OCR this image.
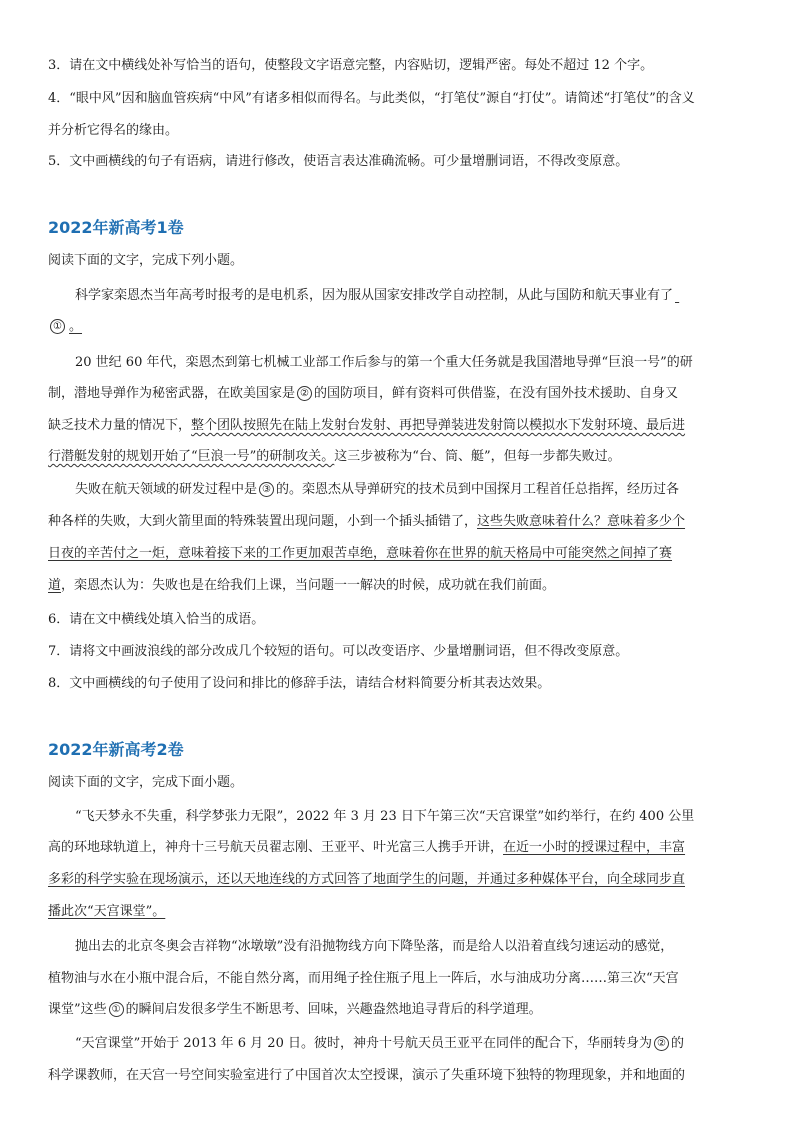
3．请在文中横线处补写恰当的语句，使整段文字语意完整，内容贴切，逻辑严密。每处不超过 12 个字。
4．“眼中风”因和脑血管疾病“中风”有诸多相似而得名。与此类似，“打笔仗”源自“打仗”。请简述“打笔仗”的含义
并分析它得名的缘由。
5．文中画横线的句子有语病，请进行修改，使语言表达准确流畅。可少量增删词语，不得改变原意。
2022年新高考1卷
阅读下面的文字，完成下列小题。
科学家栾恩杰当年高考时报考的是电机系，因为服从国家安排改学自动控制，从此与国防和航天事业有了
① 。
20 世纪 60 年代，栾恩杰到第七机械工业部工作后参与的第一个重大任务就是我国潜地导弹“巨浪一号”的研
制，潜地导弹作为秘密武器，在欧美国家是 ② 的国防项目，鲜有资料可供借鉴，在没有国外技术援助、自身又
缺乏技术力量的情况下，整个团队按照先在陆上发射台发射、再把导弹装进发射筒以模拟水下发射环境、最后进
行潜艇发射的规划开始了“巨浪一号”的研制攻关。这三步被称为“台、筒、艇”，但每一步都失败过。
失败在航天领域的研发过程中是 ③ 的。栾恩杰从导弹研究的技术员到中国探月工程首任总指挥，经历过各
种各样的失败，大到火箭里面的特殊装置出现问题，小到一个插头插错了，这些失败意味着什么？意味着多少个
日夜的辛苦付之一炬，意味着接下来的工作更加艰苦卓绝，意味着你在世界的航天格局中可能突然之间掉了赛
道，栾恩杰认为：失败也是在给我们上课，当问题一一解决的时候，成功就在我们前面。
6．请在文中横线处填入恰当的成语。
7．请将文中画波浪线的部分改成几个较短的语句。可以改变语序、少量增删词语，但不得改变原意。
8．文中画横线的句子使用了设问和排比的修辞手法，请结合材料简要分析其表达效果。
2022年新高考2卷
阅读下面的文字，完成下面小题。
“飞天梦永不失重，科学梦张力无限”，2022 年 3 月 23 日下午第三次“天宫课堂”如约举行，在约 400 公里
高的环地球轨道上，神舟十三号航天员翟志刚、王亚平、叶光富三人携手开讲，在近一小时的授课过程中，丰富
多彩的科学实验在现场演示，还以天地连线的方式回答了地面学生的问题，并通过多种媒体平台，向全球同步直
播此次“天宫课堂”。
抛出去的北京冬奥会吉祥物“冰墩墩”没有沿抛物线方向下降坠落，而是给人以沿着直线匀速运动的感觉，
植物油与水在小瓶中混合后，不能自然分离，而用绳子拴住瓶子甩上一阵后，水与油成功分离……第三次“天宫
课堂”这些 ① 的瞬间启发很多学生不断思考、回味，兴趣盎然地追寻背后的科学道理。
“天宫课堂”开始于 2013 年 6 月 20 日。彼时，神舟十号航天员王亚平在同伴的配合下，华丽转身为 ② 的
科学课教师，在天宫一号空间实验室进行了中国首次太空授课，演示了失重环境下独特的物理现象，并和地面的
